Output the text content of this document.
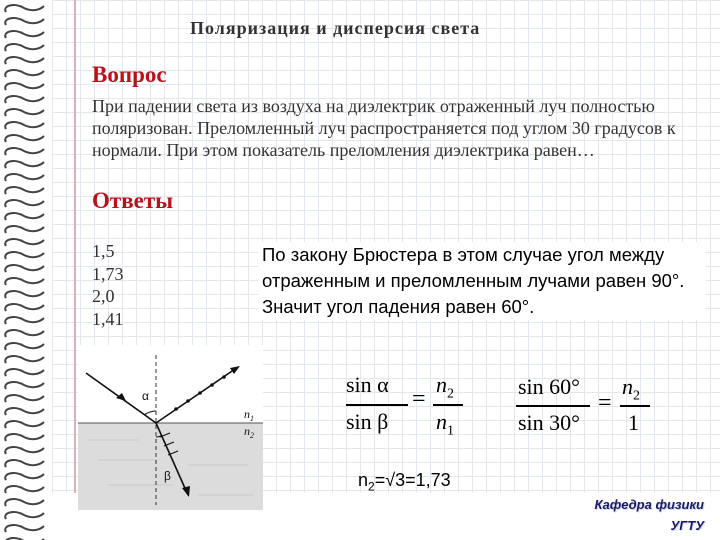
Поляризация и дисперсия света
Вопрос
При падении света из воздуха на диэлектрик отраженный луч полностью поляризован. Преломленный луч распространяется под углом 30 градусов к нормали. При этом показатель преломления диэлектрика равен…
Ответы
1,5
1,73
2,0
1,41
По закону Брюстера в этом случае угол между отраженным и преломленным лучами равен 90°. Значит угол падения равен 60°.
α
β
$n_1$
$n_2$
sin α
sin β
=
$n_2$
$n_1$
sin 60°
sin 30°
=
$n_2$
1
$n_2=√3=1,73$
Кафедра физики
УГТУ
